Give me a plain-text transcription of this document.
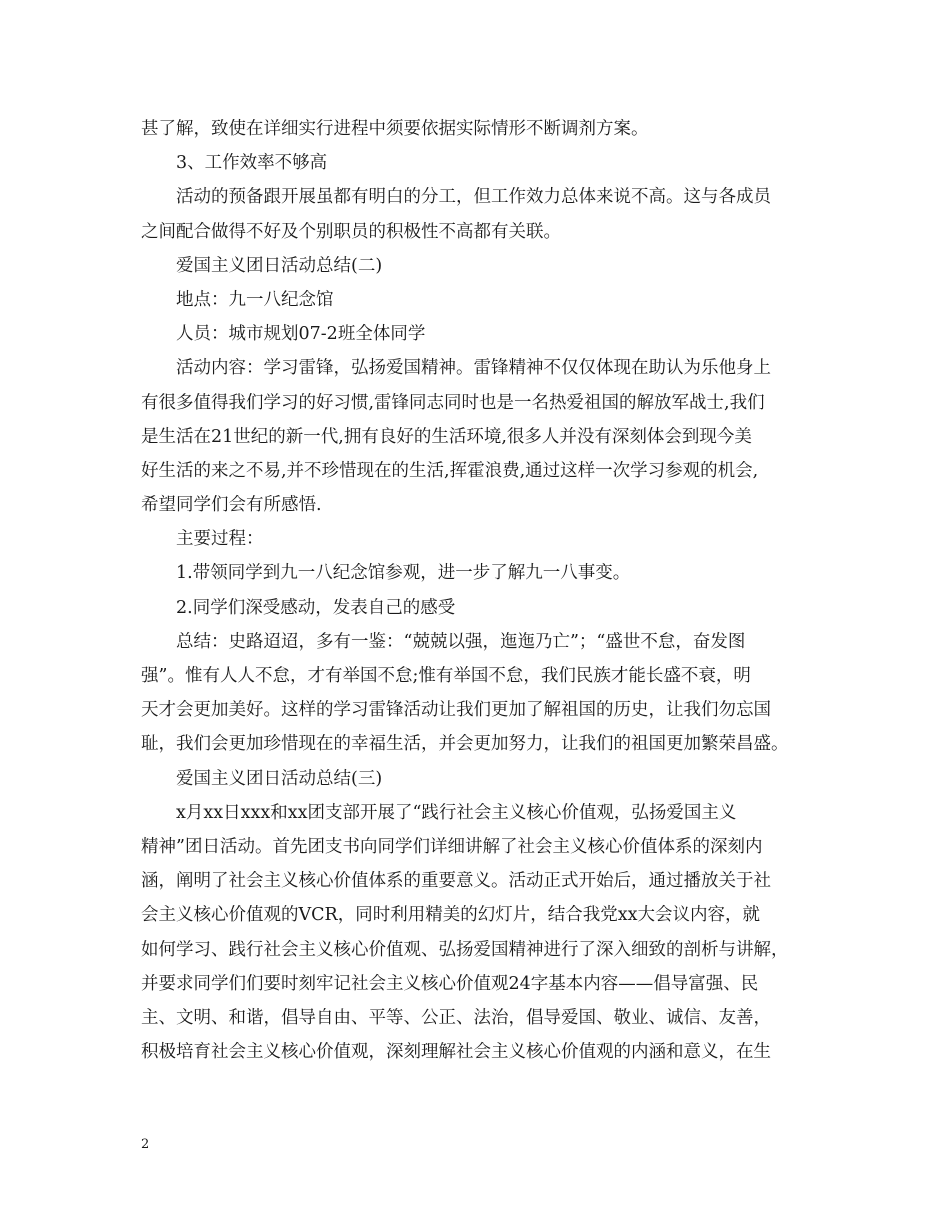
甚了解，致使在详细实行进程中须要依据实际情形不断调剂方案。
3、工作效率不够高
活动的预备跟开展虽都有明白的分工，但工作效力总体来说不高。这与各成员
之间配合做得不好及个别职员的积极性不高都有关联。
爱国主义团日活动总结(二)
地点：九一八纪念馆
人员：城市规划07-2班全体同学
活动内容：学习雷锋，弘扬爱国精神。雷锋精神不仅仅体现在助认为乐他身上
有很多值得我们学习的好习惯,雷锋同志同时也是一名热爱祖国的解放军战士,我们
是生活在21世纪的新一代,拥有良好的生活环境,很多人并没有深刻体会到现今美
好生活的来之不易,并不珍惜现在的生活,挥霍浪费,通过这样一次学习参观的机会,
希望同学们会有所感悟.
主要过程：
1.带领同学到九一八纪念馆参观，进一步了解九一八事变。
2.同学们深受感动，发表自己的感受
总结：史路迢迢，多有一鉴：“兢兢以强，迤迤乃亡”；“盛世不怠，奋发图
强”。惟有人人不怠，才有举国不怠;惟有举国不怠，我们民族才能长盛不衰，明
天才会更加美好。这样的学习雷锋活动让我们更加了解祖国的历史，让我们勿忘国
耻，我们会更加珍惜现在的幸福生活，并会更加努力，让我们的祖国更加繁荣昌盛。
爱国主义团日活动总结(三)
x月xx日xxx和xx团支部开展了“践行社会主义核心价值观，弘扬爱国主义
精神”团日活动。首先团支书向同学们详细讲解了社会主义核心价值体系的深刻内
涵，阐明了社会主义核心价值体系的重要意义。活动正式开始后，通过播放关于社
会主义核心价值观的VCR，同时利用精美的幻灯片，结合我党xx大会议内容，就
如何学习、践行社会主义核心价值观、弘扬爱国精神进行了深入细致的剖析与讲解，
并要求同学们们要时刻牢记社会主义核心价值观24字基本内容——倡导富强、民
主、文明、和谐，倡导自由、平等、公正、法治，倡导爱国、敬业、诚信、友善，
积极培育社会主义核心价值观，深刻理解社会主义核心价值观的内涵和意义，在生
2
